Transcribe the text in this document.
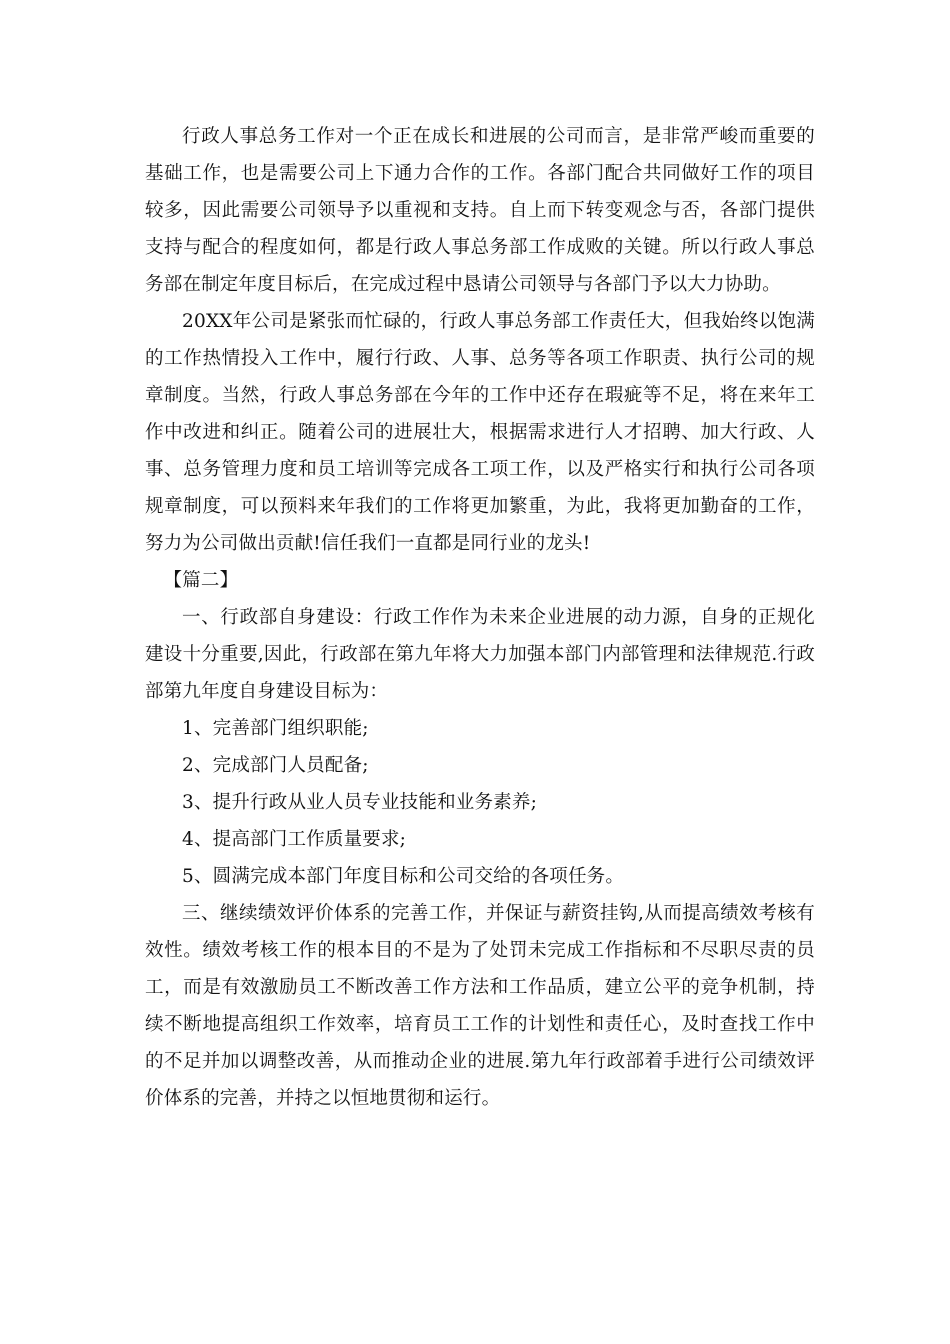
行政人事总务工作对一个正在成长和进展的公司而言，是非常严峻而重要的基础工作，也是需要公司上下通力合作的工作。各部门配合共同做好工作的项目较多，因此需要公司领导予以重视和支持。自上而下转变观念与否，各部门提供支持与配合的程度如何，都是行政人事总务部工作成败的关键。所以行政人事总务部在制定年度目标后，在完成过程中恳请公司领导与各部门予以大力协助。

20XX年公司是紧张而忙碌的，行政人事总务部工作责任大，但我始终以饱满的工作热情投入工作中，履行行政、人事、总务等各项工作职责、执行公司的规章制度。当然，行政人事总务部在今年的工作中还存在瑕疵等不足，将在来年工作中改进和纠正。随着公司的进展壮大，根据需求进行人才招聘、加大行政、人事、总务管理力度和员工培训等完成各工项工作，以及严格实行和执行公司各项规章制度，可以预料来年我们的工作将更加繁重，为此，我将更加勤奋的工作，努力为公司做出贡献!信任我们一直都是同行业的龙头!

【篇二】

一、行政部自身建设：行政工作作为未来企业进展的动力源，自身的正规化建设十分重要,因此，行政部在第九年将大力加强本部门内部管理和法律规范.行政部第九年度自身建设目标为：

1、完善部门组织职能;

2、完成部门人员配备;

3、提升行政从业人员专业技能和业务素养;

4、提高部门工作质量要求;

5、圆满完成本部门年度目标和公司交给的各项任务。

三、继续绩效评价体系的完善工作，并保证与薪资挂钩,从而提高绩效考核有效性。绩效考核工作的根本目的不是为了处罚未完成工作指标和不尽职尽责的员工，而是有效激励员工不断改善工作方法和工作品质，建立公平的竞争机制，持续不断地提高组织工作效率，培育员工工作的计划性和责任心，及时查找工作中的不足并加以调整改善，从而推动企业的进展.第九年行政部着手进行公司绩效评价体系的完善，并持之以恒地贯彻和运行。
